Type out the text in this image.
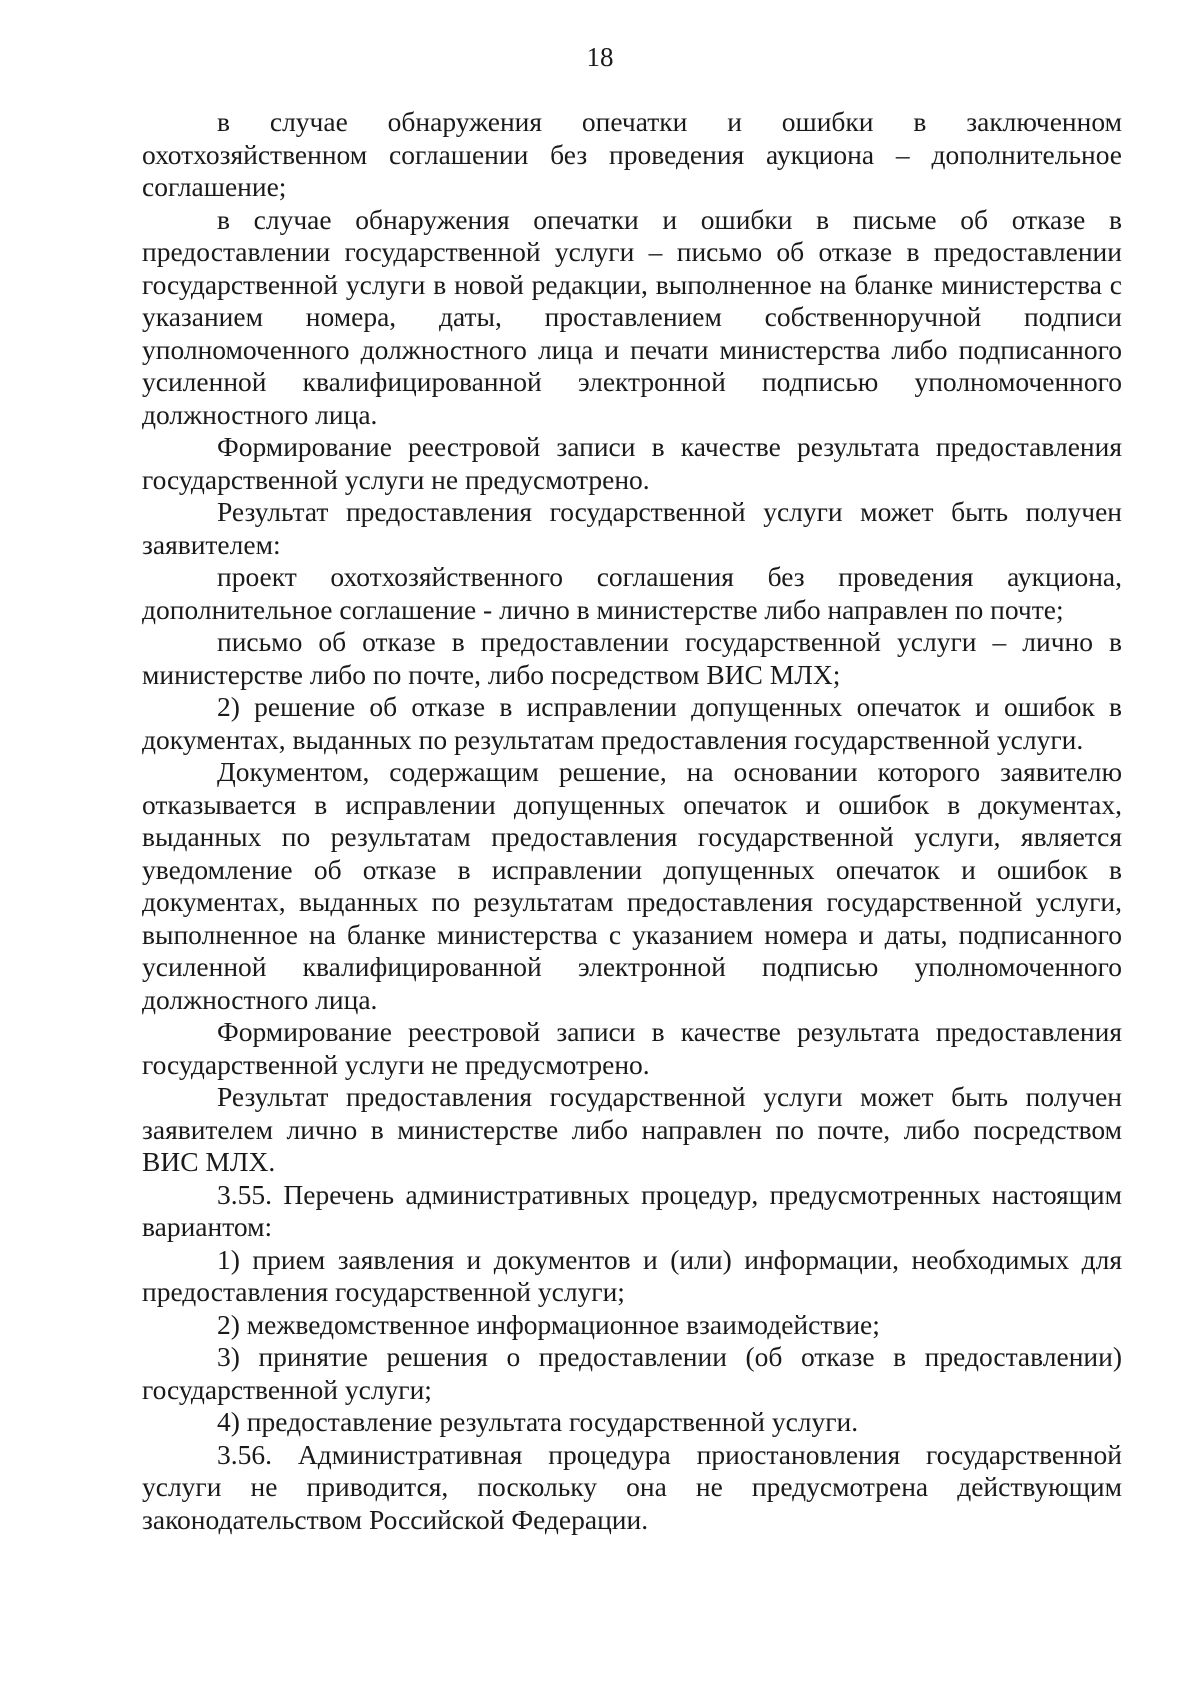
18

в случае обнаружения опечатки и ошибки в заключенном охотхозяйственном соглашении без проведения аукциона – дополнительное соглашение;

в случае обнаружения опечатки и ошибки в письме об отказе в предоставлении государственной услуги – письмо об отказе в предоставлении государственной услуги в новой редакции, выполненное на бланке министерства с указанием номера, даты, проставлением собственноручной подписи уполномоченного должностного лица и печати министерства либо подписанного усиленной квалифицированной электронной подписью уполномоченного должностного лица.

Формирование реестровой записи в качестве результата предоставления государственной услуги не предусмотрено.

Результат предоставления государственной услуги может быть получен заявителем:

проект охотхозяйственного соглашения без проведения аукциона, дополнительное соглашение - лично в министерстве либо направлен по почте;

письмо об отказе в предоставлении государственной услуги – лично в министерстве либо по почте, либо посредством ВИС МЛХ;

2) решение об отказе в исправлении допущенных опечаток и ошибок в документах, выданных по результатам предоставления государственной услуги.

Документом, содержащим решение, на основании которого заявителю отказывается в исправлении допущенных опечаток и ошибок в документах, выданных по результатам предоставления государственной услуги, является уведомление об отказе в исправлении допущенных опечаток и ошибок в документах, выданных по результатам предоставления государственной услуги, выполненное на бланке министерства с указанием номера и даты, подписанного усиленной квалифицированной электронной подписью уполномоченного должностного лица.

Формирование реестровой записи в качестве результата предоставления государственной услуги не предусмотрено.

Результат предоставления государственной услуги может быть получен заявителем лично в министерстве либо направлен по почте, либо посредством ВИС МЛХ.

3.55. Перечень административных процедур, предусмотренных настоящим вариантом:

1) прием заявления и документов и (или) информации, необходимых для предоставления государственной услуги;

2) межведомственное информационное взаимодействие;

3) принятие решения о предоставлении (об отказе в предоставлении) государственной услуги;

4) предоставление результата государственной услуги.

3.56. Административная процедура приостановления государственной услуги не приводится, поскольку она не предусмотрена действующим законодательством Российской Федерации.
